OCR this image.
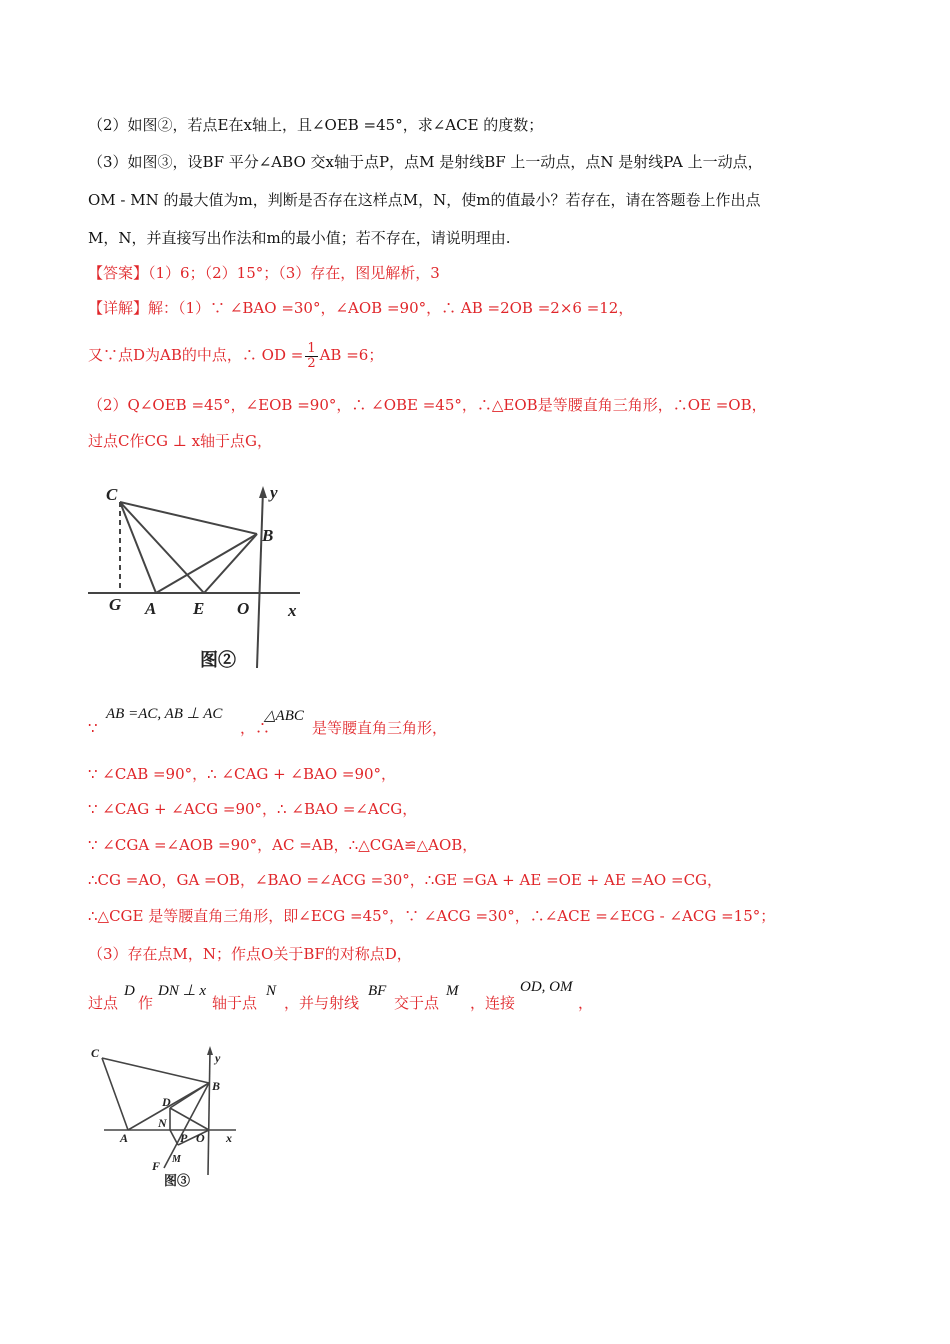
（2）如图②，若点E在x轴上，且∠OEB =45°，求∠ACE 的度数；
（3）如图③，设BF 平分∠ABO 交x轴于点P，点M 是射线BF 上一动点，点N 是射线PA 上一动点，
OM - MN 的最大值为m，判断是否存在这样点M，N，使m的值最小？若存在，请在答题卷上作出点
M，N，并直接写出作法和m的最小值；若不存在，请说明理由.
【答案】（1）6；（2）15°；（3）存在，图见解析，3
【详解】解：（1）∵ ∠BAO =30°，∠AOB =90°，∴ AB =2OB =2×6 =12，
又∵点D为AB的中点，∴ OD = $\frac{1}{2}$ AB =6；
（2）Q∠OEB =45°，∠EOB =90°，∴ ∠OBE =45°，∴△EOB是等腰直角三角形，∴OE =OB，
过点C作CG ⊥ x轴于点G，
C
B
y
G A E O x
图②
∵
AB =AC, AB ⊥ AC
，∴
△ABC
是等腰直角三角形，
∵ ∠CAB =90°，∴ ∠CAG + ∠BAO =90°，
∵ ∠CAG + ∠ACG =90°，∴ ∠BAO =∠ACG，
∵ ∠CGA =∠AOB =90°，AC =AB，∴△CGA≌△AOB，
∴CG =AO，GA =OB，∠BAO =∠ACG =30°，∴GE =GA + AE =OE + AE =AO =CG，
∴△CGE 是等腰直角三角形，即∠ECG =45°，∵ ∠ACG =30°，∴∠ACE =∠ECG - ∠ACG =15°；
（3）存在点M，N；作点O关于BF的对称点D，
过点
D
作
DN ⊥ x
轴于点
N
，并与射线
BF
交于点
M
，连接
OD, OM
，
C	y
B
D
N
A	P O x
F M
图③
